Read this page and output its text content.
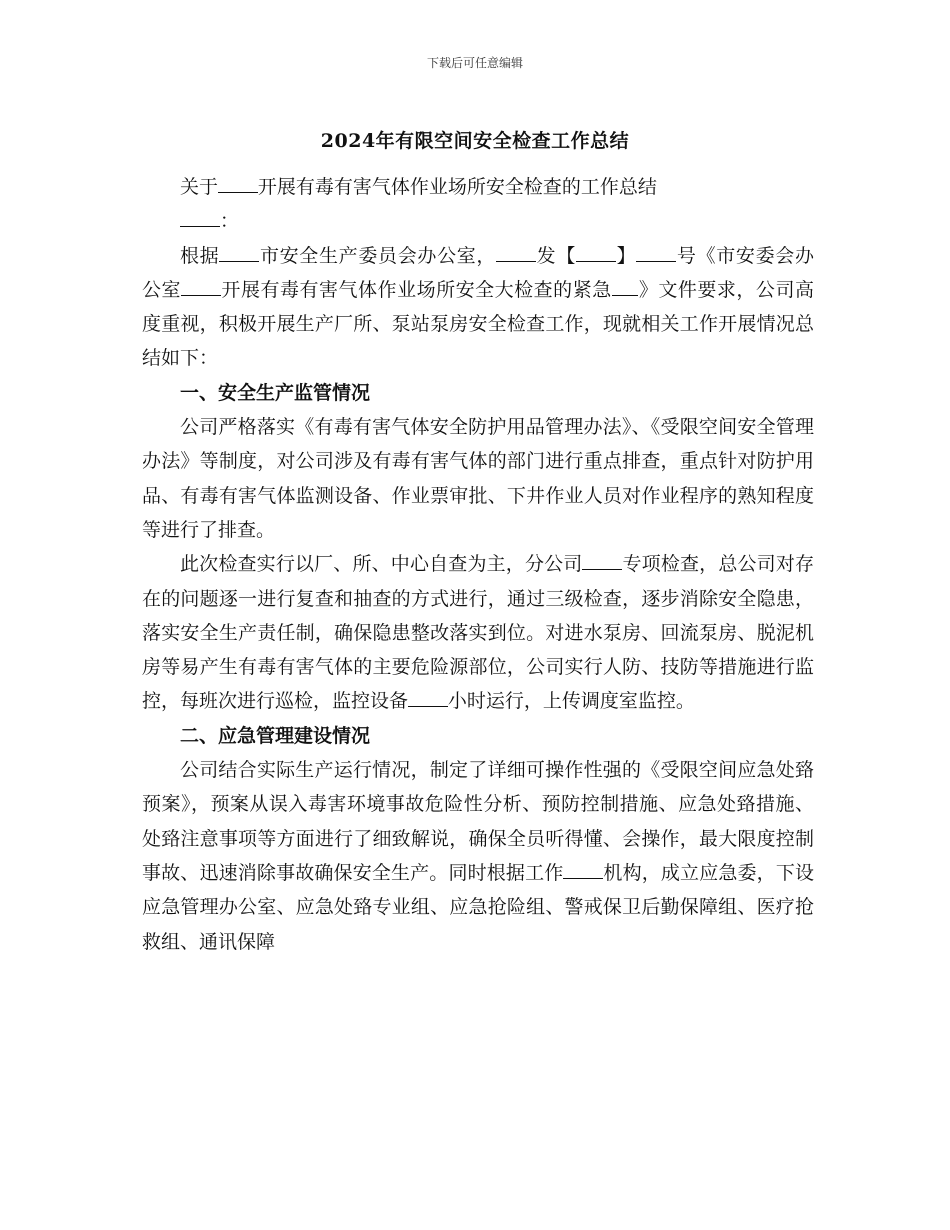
下载后可任意编辑
2024年有限空间安全检查工作总结

关于 开展有毒有害气体作业场所安全检查的工作总结

：

根据 市安全生产委员会办公室， 发【 】 号《市安委会办公室 开展有毒有害气体作业场所安全大检查的紧急 》文件要求，公司高度重视，积极开展生产厂所、泵站泵房安全检查工作，现就相关工作开展情况总结如下：

一、安全生产监管情况

公司严格落实《有毒有害气体安全防护用品管理办法》、《受限空间安全管理办法》等制度，对公司涉及有毒有害气体的部门进行重点排查，重点针对防护用品、有毒有害气体监测设备、作业票审批、下井作业人员对作业程序的熟知程度等进行了排查。

此次检查实行以厂、所、中心自查为主，分公司 专项检查，总公司对存在的问题逐一进行复查和抽查的方式进行，通过三级检查，逐步消除安全隐患，落实安全生产责任制，确保隐患整改落实到位。对进水泵房、回流泵房、脱泥机房等易产生有毒有害气体的主要危险源部位，公司实行人防、技防等措施进行监控，每班次进行巡检，监控设备 小时运行，上传调度室监控。

二、应急管理建设情况

公司结合实际生产运行情况，制定了详细可操作性强的《受限空间应急处臵预案》，预案从误入毒害环境事故危险性分析、预防控制措施、应急处臵措施、处臵注意事项等方面进行了细致解说，确保全员听得懂、会操作，最大限度控制事故、迅速消除事故确保安全生产。同时根据工作 机构，成立应急委，下设应急管理办公室、应急处臵专业组、应急抢险组、警戒保卫后勤保障组、医疗抢救组、通讯保障
